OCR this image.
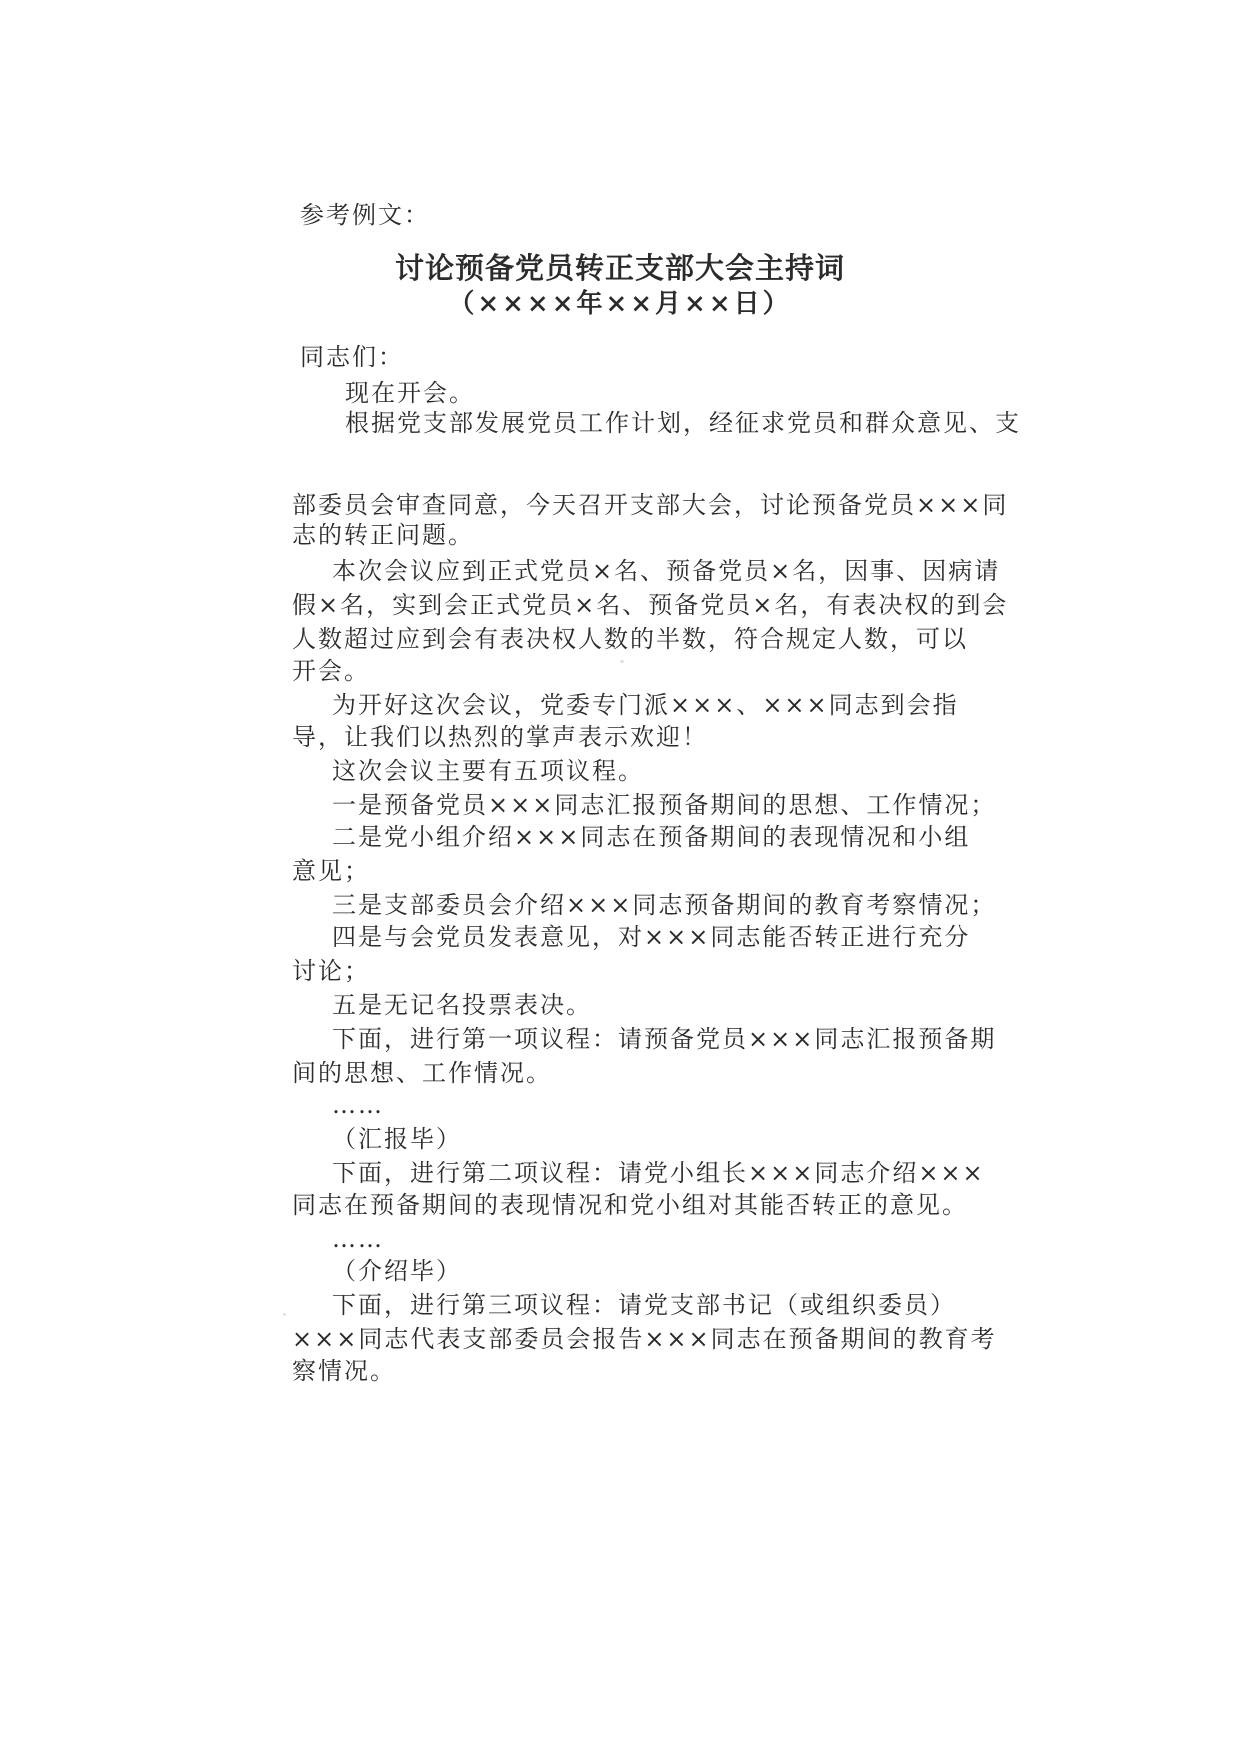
参考例文：
讨论预备党员转正支部大会主持词
（××××年××月××日）
同志们：
现在开会。
根据党支部发展党员工作计划，经征求党员和群众意见、支
部委员会审查同意，今天召开支部大会，讨论预备党员×××同
志的转正问题。
本次会议应到正式党员×名、预备党员×名，因事、因病请
假×名，实到会正式党员×名、预备党员×名，有表决权的到会
人数超过应到会有表决权人数的半数，符合规定人数，可以
开会。
为开好这次会议，党委专门派×××、×××同志到会指
导，让我们以热烈的掌声表示欢迎！
这次会议主要有五项议程。
一是预备党员×××同志汇报预备期间的思想、工作情况；
二是党小组介绍×××同志在预备期间的表现情况和小组
意见；
三是支部委员会介绍×××同志预备期间的教育考察情况；
四是与会党员发表意见，对×××同志能否转正进行充分
讨论；
五是无记名投票表决。
下面，进行第一项议程：请预备党员×××同志汇报预备期
间的思想、工作情况。
……
（汇报毕）
下面，进行第二项议程：请党小组长×××同志介绍×××
同志在预备期间的表现情况和党小组对其能否转正的意见。
……
（介绍毕）
下面，进行第三项议程：请党支部书记（或组织委员）
×××同志代表支部委员会报告×××同志在预备期间的教育考
察情况。
